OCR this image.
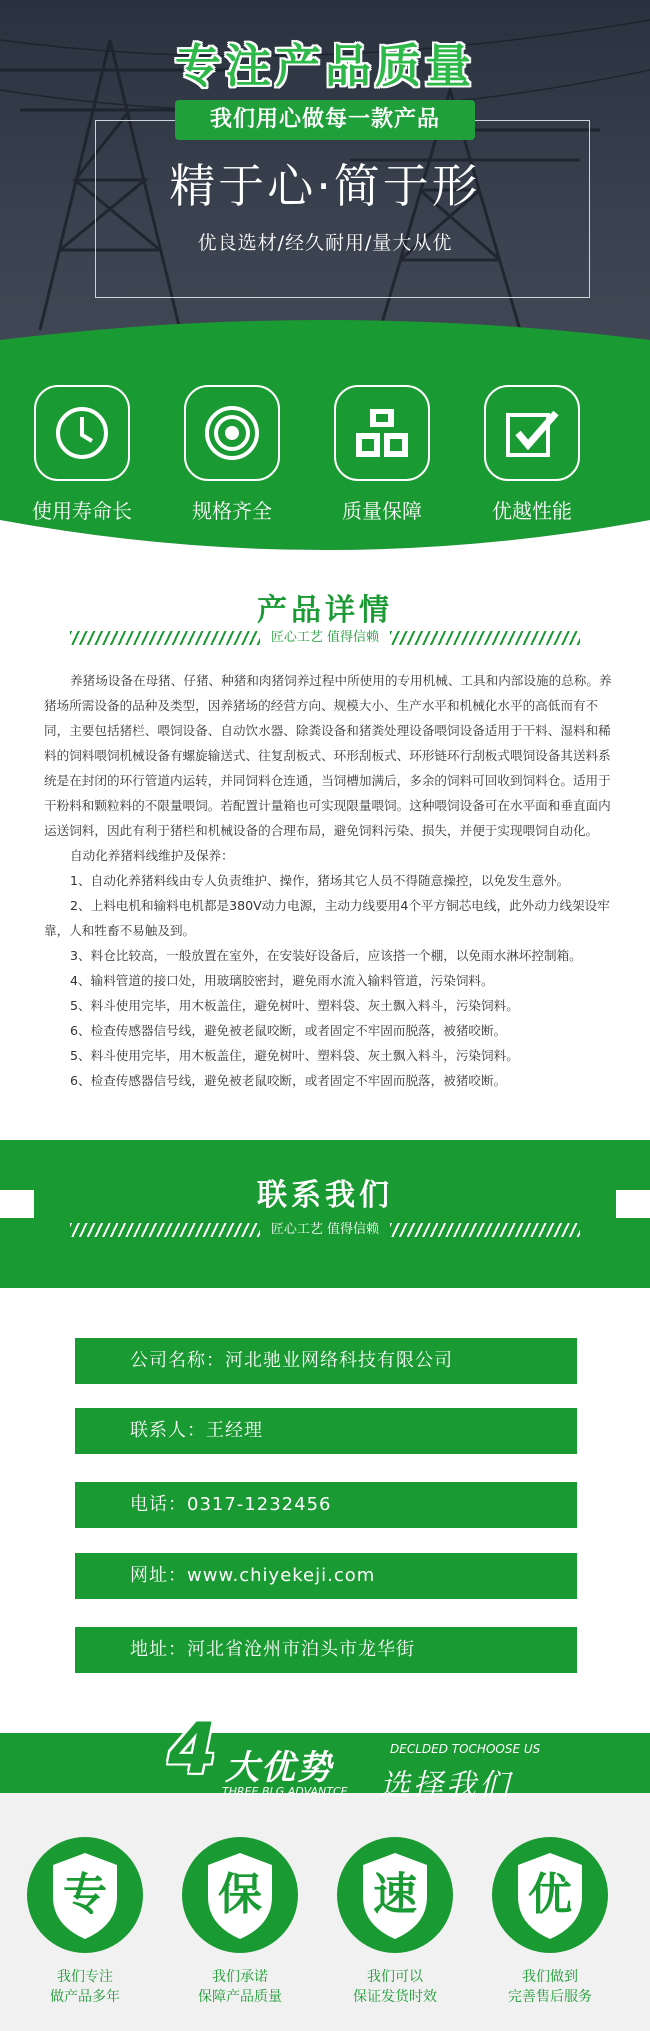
专注产品质量
我们用心做每一款产品
精于心·简于形
优良选材/经久耐用/量大从优
使用寿命长	规格齐全	质量保障	优越性能
产品详情
匠心工艺 值得信赖

养猪场设备在母猪、仔猪、种猪和肉猪饲养过程中所使用的专用机械、工具和内部设施的总称。养猪场所需设备的品种及类型，因养猪场的经营方向、规模大小、生产水平和机械化水平的高低而有不同，主要包括猪栏、喂饲设备、自动饮水器、除粪设备和猪粪处理设备喂饲设备适用于干料、湿料和稀料的饲料喂饲机械设备有螺旋输送式、往复刮板式、环形刮板式、环形链环行刮板式喂饲设备其送料系统是在封闭的环行管道内运转，并同饲料仓连通，当饲槽加满后，多余的饲料可回收到饲料仓。适用于干粉料和颗粒料的不限量喂饲。若配置计量箱也可实现限量喂饲。这种喂饲设备可在水平面和垂直面内运送饲料，因此有利于猪栏和机械设备的合理布局，避免饲料污染、损失，并便于实现喂饲自动化。

自动化养猪料线维护及保养：

1、自动化养猪料线由专人负责维护、操作，猪场其它人员不得随意操控，以免发生意外。

2、上料电机和输料电机都是380V动力电源，主动力线要用4个平方铜芯电线，此外动力线架设牢靠，人和牲畜不易触及到。

3、料仓比较高，一般放置在室外，在安装好设备后，应该搭一个棚，以免雨水淋坏控制箱。

4、输料管道的接口处，用玻璃胶密封，避免雨水流入输料管道，污染饲料。

5、料斗使用完毕，用木板盖住，避免树叶、塑料袋、灰土飘入料斗，污染饲料。

6、检查传感器信号线，避免被老鼠咬断，或者固定不牢固而脱落，被猪咬断。

5、料斗使用完毕，用木板盖住，避免树叶、塑料袋、灰土飘入料斗，污染饲料。

6、检查传感器信号线，避免被老鼠咬断，或者固定不牢固而脱落，被猪咬断。

联系我们
匠心工艺 值得信赖
公司名称：河北驰业网络科技有限公司
联系人：王经理
电话：0317-1232456
网址：www.chiyekeji.com
地址：河北省沧州市泊头市龙华街
4 大优势	DECLDED TOCHOOSE US
选择我们
THREE BLG ADVANTCE
专
我们专注
做产品多年
保
我们承诺
保障产品质量
速
我们可以
保证发货时效
优
我们做到
完善售后服务
